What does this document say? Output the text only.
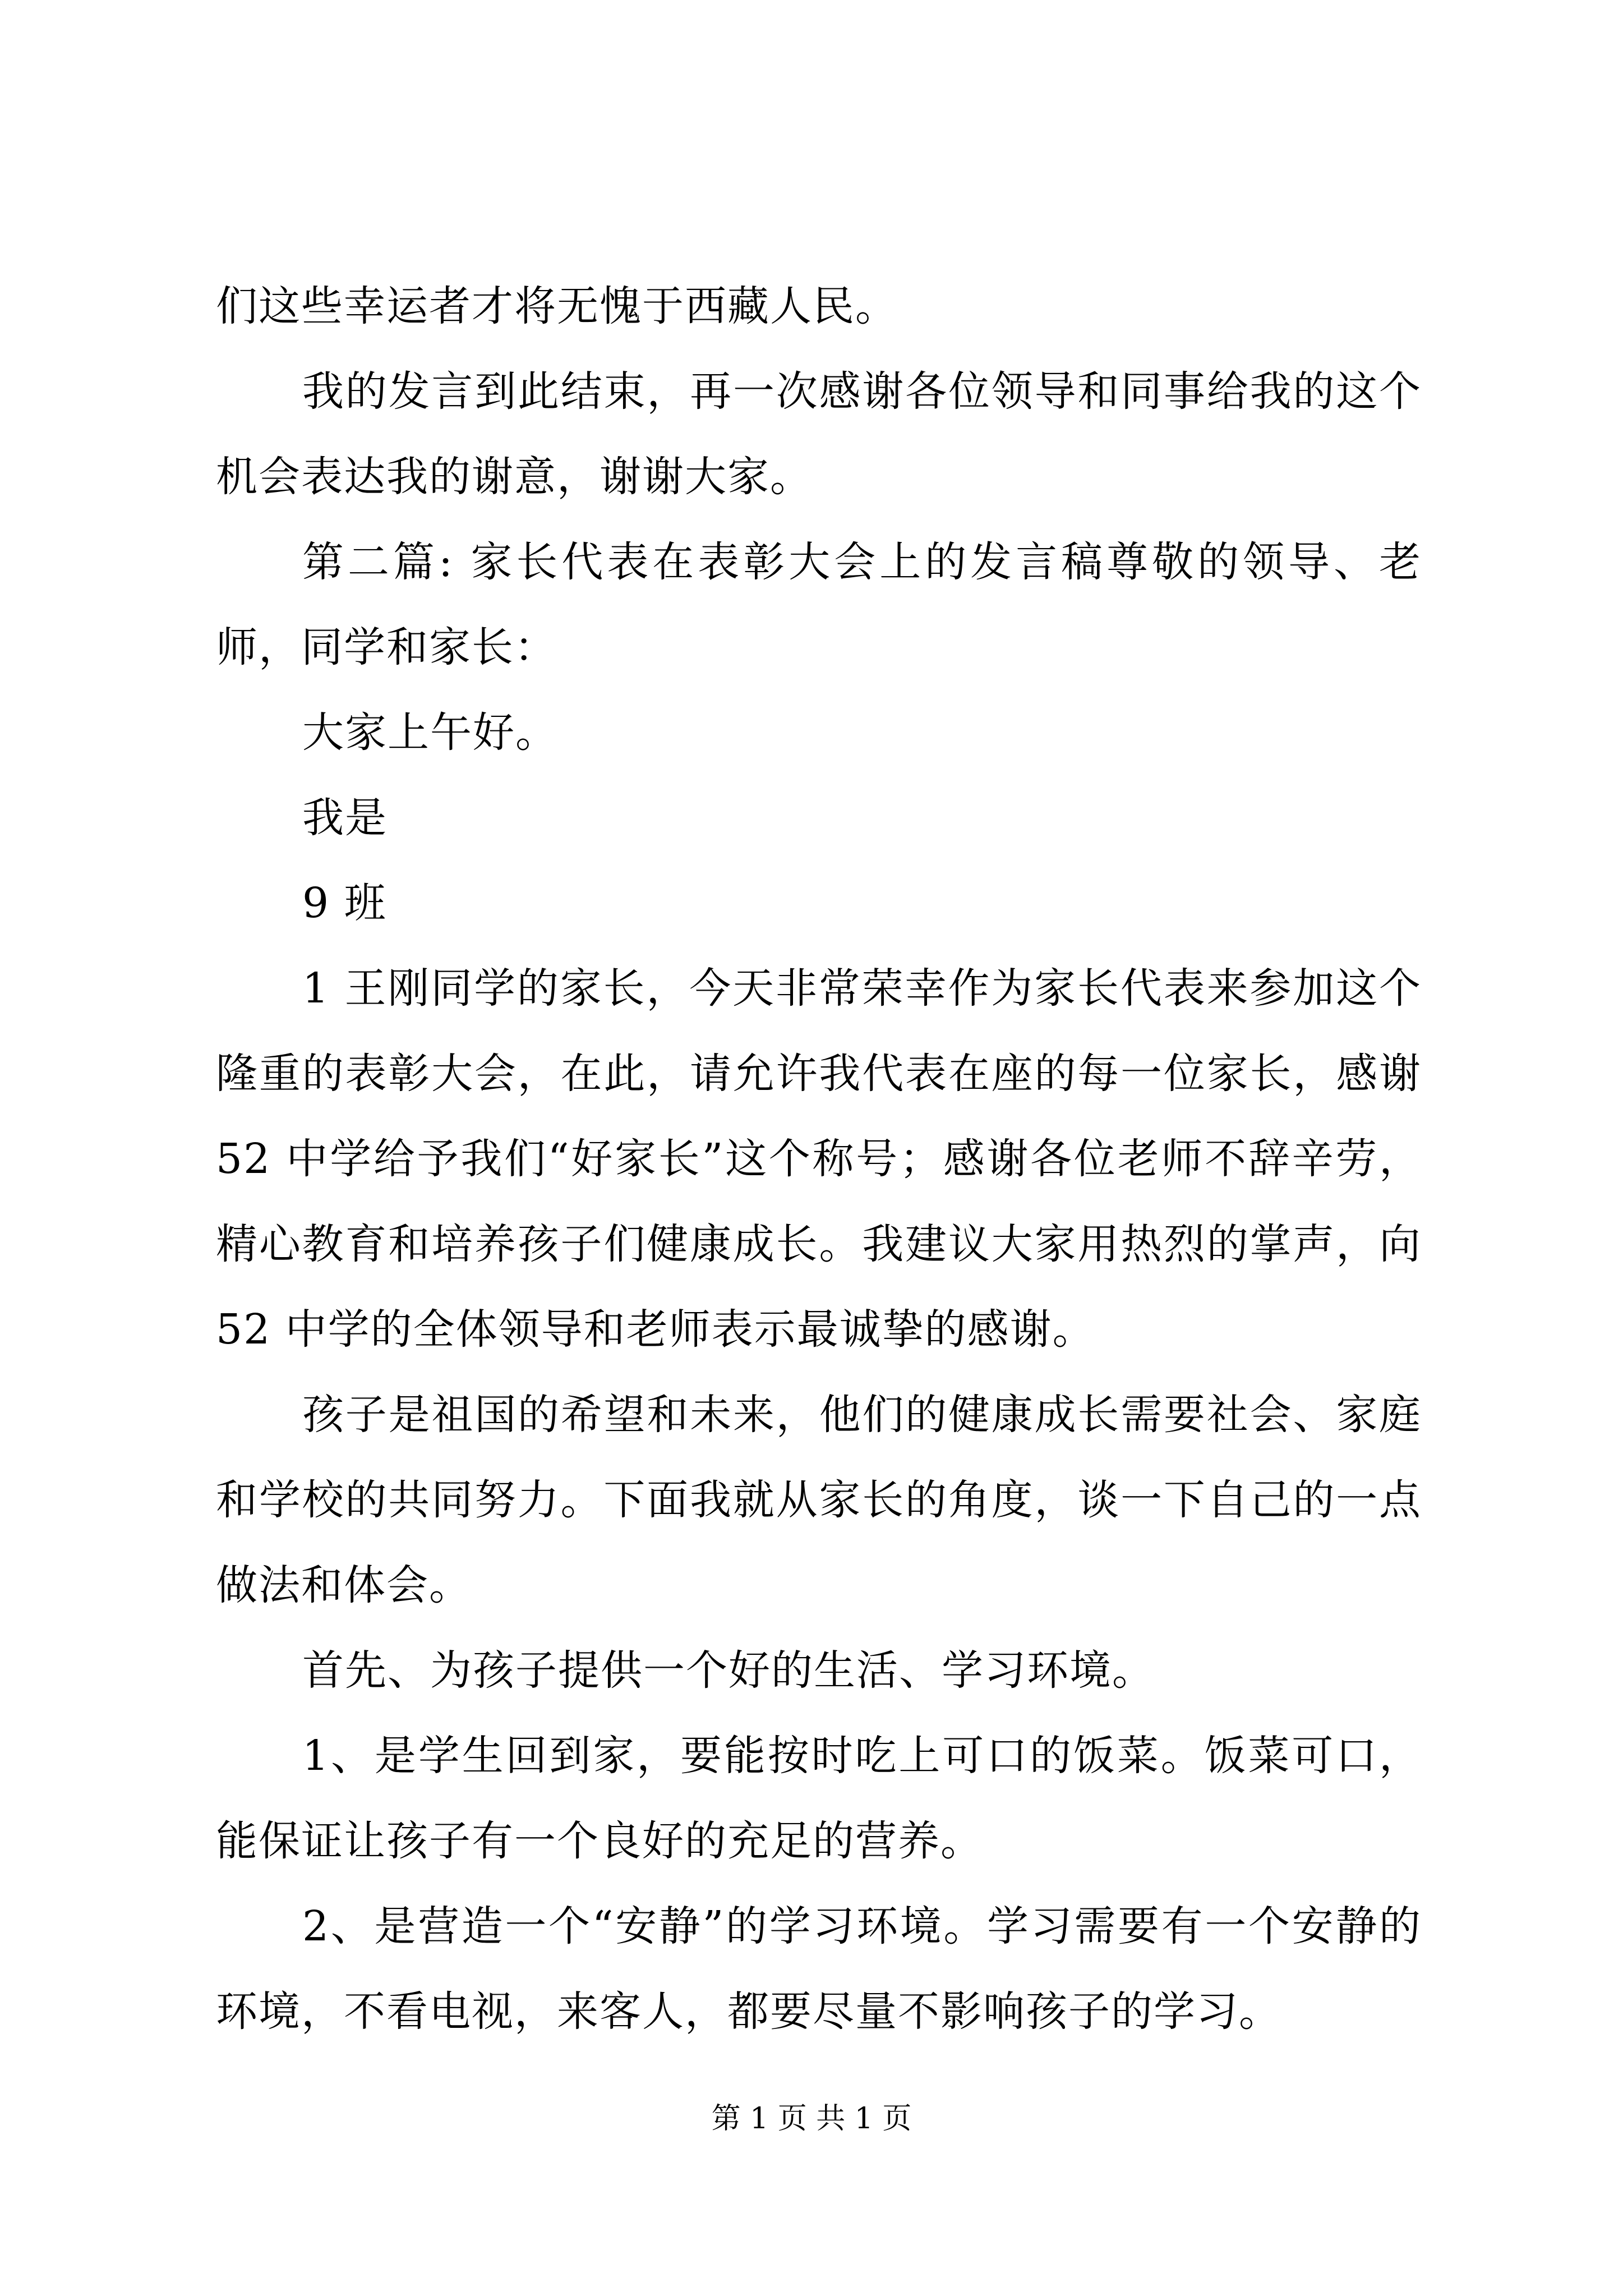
们这些幸运者才将无愧于西藏人民。

我的发言到此结束，再一次感谢各位领导和同事给我的这个机会表达我的谢意，谢谢大家。

第二篇: 家长代表在表彰大会上的发言稿尊敬的领导、老师，同学和家长：

大家上午好。

我是

9 班

1 王刚同学的家长，今天非常荣幸作为家长代表来参加这个隆重的表彰大会，在此，请允许我代表在座的每一位家长，感谢 52 中学给予我们“好家长”这个称号；感谢各位老师不辞辛劳，精心教育和培养孩子们健康成长。我建议大家用热烈的掌声，向 52 中学的全体领导和老师表示最诚挚的感谢。

孩子是祖国的希望和未来，他们的健康成长需要社会、家庭和学校的共同努力。下面我就从家长的角度，谈一下自己的一点做法和体会。

首先、为孩子提供一个好的生活、学习环境。

1、是学生回到家，要能按时吃上可口的饭菜。饭菜可口，能保证让孩子有一个良好的充足的营养。

2、是营造一个“安静”的学习环境。学习需要有一个安静的环境，不看电视，来客人，都要尽量不影响孩子的学习。

第 1 页 共 1 页
